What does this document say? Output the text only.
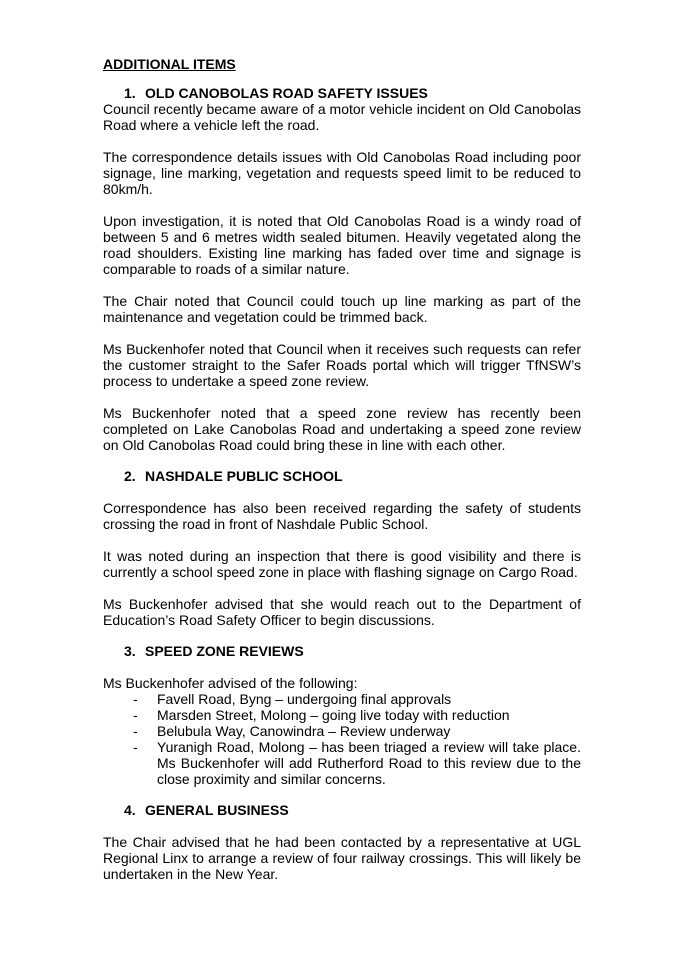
ADDITIONAL ITEMS
1. OLD CANOBOLAS ROAD SAFETY ISSUES

Council recently became aware of a motor vehicle incident on Old Canobolas Road where a vehicle left the road.

The correspondence details issues with Old Canobolas Road including poor signage, line marking, vegetation and requests speed limit to be reduced to 80km/h.

Upon investigation, it is noted that Old Canobolas Road is a windy road of between 5 and 6 metres width sealed bitumen. Heavily vegetated along the road shoulders. Existing line marking has faded over time and signage is comparable to roads of a similar nature.

The Chair noted that Council could touch up line marking as part of the maintenance and vegetation could be trimmed back.

Ms Buckenhofer noted that Council when it receives such requests can refer the customer straight to the Safer Roads portal which will trigger TfNSW’s process to undertake a speed zone review.

Ms Buckenhofer noted that a speed zone review has recently been completed on Lake Canobolas Road and undertaking a speed zone review on Old Canobolas Road could bring these in line with each other.

2. NASHDALE PUBLIC SCHOOL

Correspondence has also been received regarding the safety of students crossing the road in front of Nashdale Public School.

It was noted during an inspection that there is good visibility and there is currently a school speed zone in place with flashing signage on Cargo Road.

Ms Buckenhofer advised that she would reach out to the Department of Education’s Road Safety Officer to begin discussions.

3. SPEED ZONE REVIEWS

Ms Buckenhofer advised of the following:

-	Favell Road, Byng – undergoing final approvals
-	Marsden Street, Molong – going live today with reduction
-	Belubula Way, Canowindra – Review underway
-	Yuranigh Road, Molong – has been triaged a review will take place. Ms Buckenhofer will add Rutherford Road to this review due to the close proximity and similar concerns.
4. GENERAL BUSINESS

The Chair advised that he had been contacted by a representative at UGL Regional Linx to arrange a review of four railway crossings. This will likely be undertaken in the New Year.
